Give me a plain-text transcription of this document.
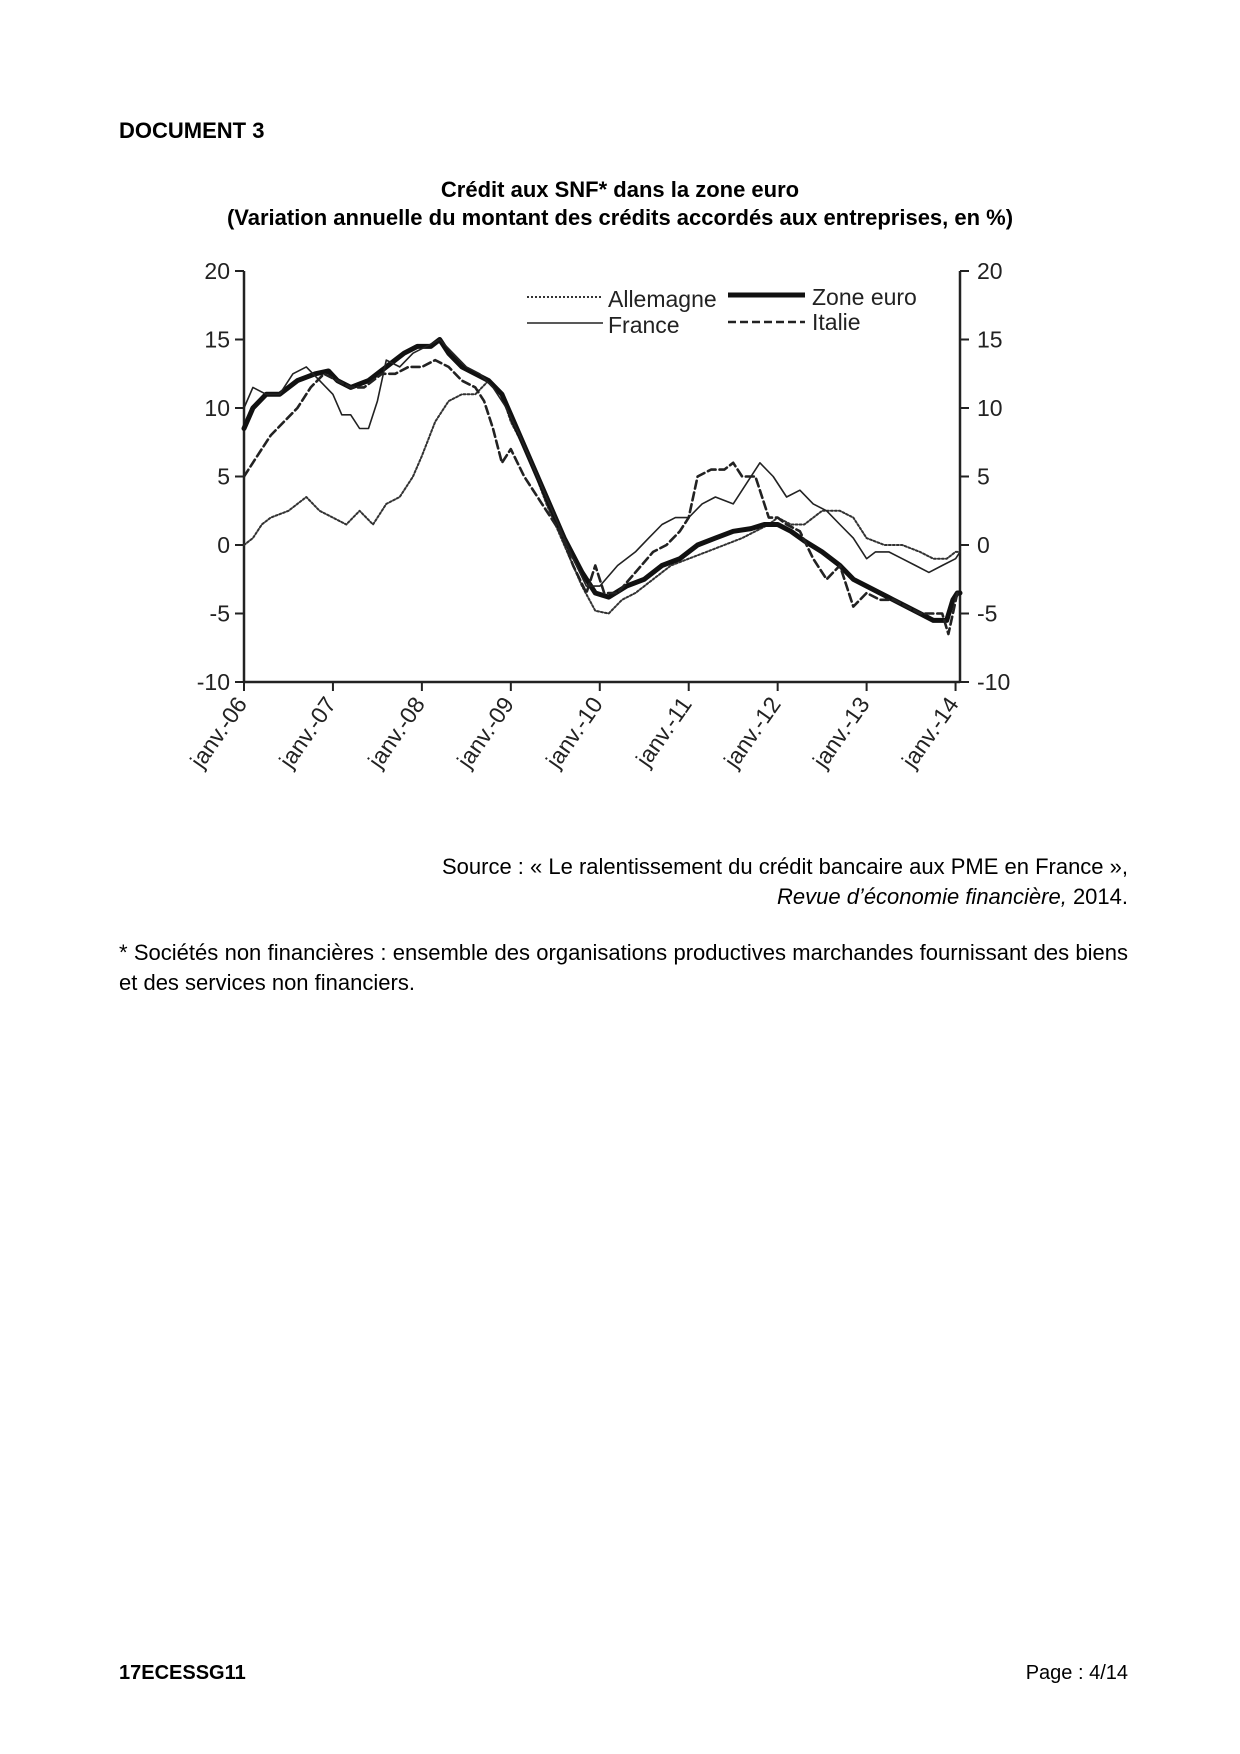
DOCUMENT 3
Crédit aux SNF* dans la zone euro
(Variation annuelle du montant des crédits accordés aux entreprises, en %)
20	20
15	15
10	10
5	5
0	0
-5	-5
-10	-10
janv.-06 janv.-07 janv.-08 janv.-09 janv.-10 janv.-11 janv.-12 janv.-13 janv.-14
Allemagne	Zone euro
France	Italie
Source : « Le ralentissement du crédit bancaire aux PME en France »,
Revue d’économie financière, 2014.
* Sociétés non financières : ensemble des organisations productives marchandes fournissant des biens et des services non financiers.
17ECESSG11	Page : 4/14
